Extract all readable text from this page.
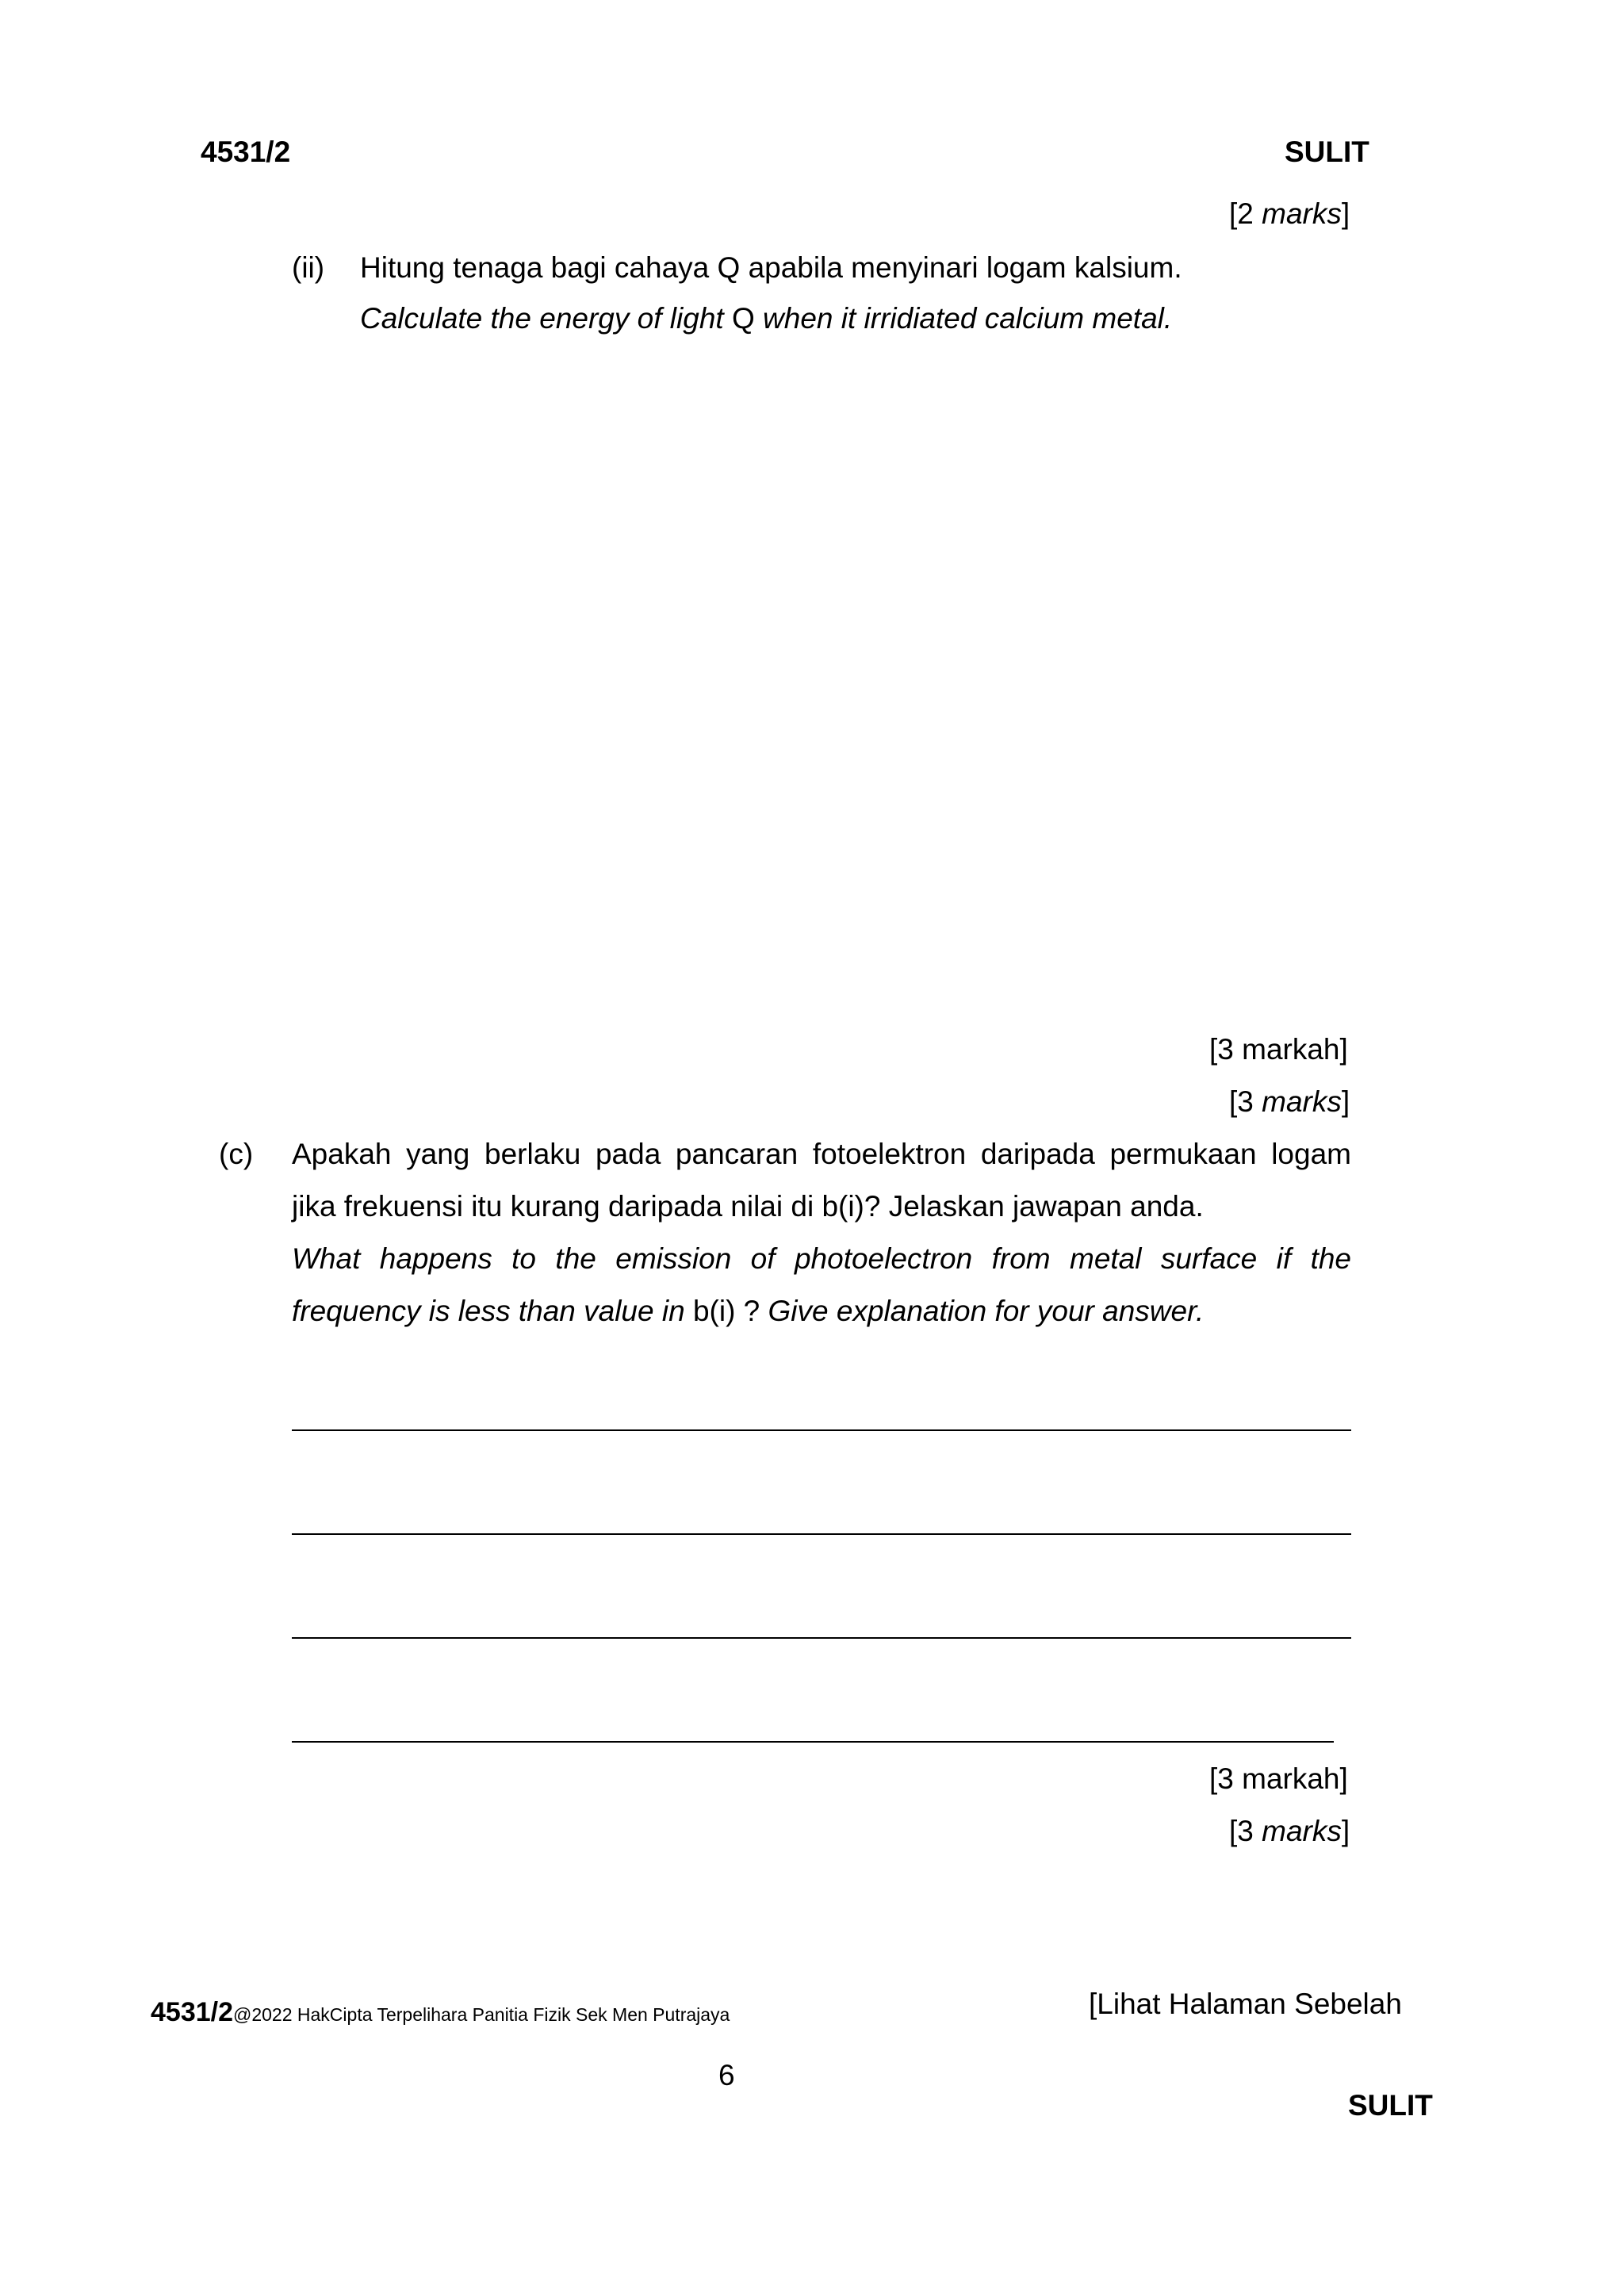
4531/2	SULIT
[2 marks]
(ii) Hitung tenaga bagi cahaya Q apabila menyinari logam kalsium.
Calculate the energy of light Q when it irridiated calcium metal.
[3 markah]
[3 marks]
(c) Apakah yang berlaku pada pancaran fotoelektron daripada permukaan logam
jika frekuensi itu kurang daripada nilai di b(i)? Jelaskan jawapan anda.
What happens to the emission of photoelectron from metal surface if the
frequency is less than value in b(i) ? Give explanation for your answer.
[3 markah]
[3 marks]
4531/2@2022 HakCipta Terpelihara Panitia Fizik Sek Men Putrajaya	[Lihat Halaman Sebelah
6
SULIT
